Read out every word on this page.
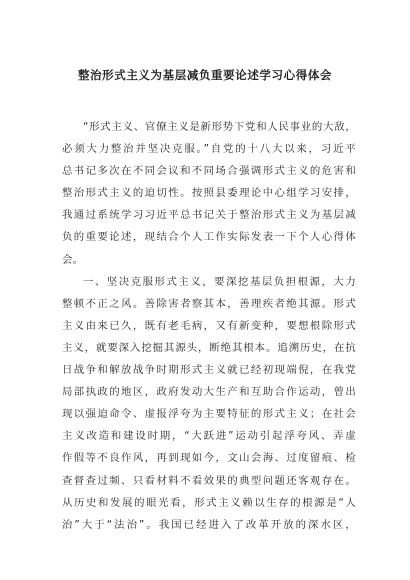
整治形式主义为基层减负重要论述学习心得体会

“形式主义、官僚主义是新形势下党和人民事业的大敌，
必须大力整治并坚决克服。”自党的十八大以来，习近平
总书记多次在不同会议和不同场合强调形式主义的危害和
整治形式主义的迫切性。按照县委理论中心组学习安排，
我通过系统学习习近平总书记关于整治形式主义为基层减
负的重要论述，现结合个人工作实际发表一下个人心得体
会。

一、坚决克服形式主义，要深挖基层负担根源，大力
整顿不正之风。善除害者察其本，善理疾者绝其源。形式
主义由来已久，既有老毛病，又有新变种，要想根除形式
主义，就要深入挖掘其源头，断绝其根本。追溯历史，在抗
日战争和解放战争时期形式主义就已经初现端倪，在我党
局部执政的地区，政府发动大生产和互助合作运动，曾出
现以强迫命令、虚报浮夸为主要特征的形式主义；在社会
主义改造和建设时期，“大跃进”运动引起浮夸风、弄虚
作假等不良作风，再到现如今，文山会海、过度留痕、检
查督查过频、只看材料不看效果的典型问题还客观存在。
从历史和发展的眼光看，形式主义赖以生存的根源是“人
治”大于“法治”。我国已经进入了改革开放的深水区，
